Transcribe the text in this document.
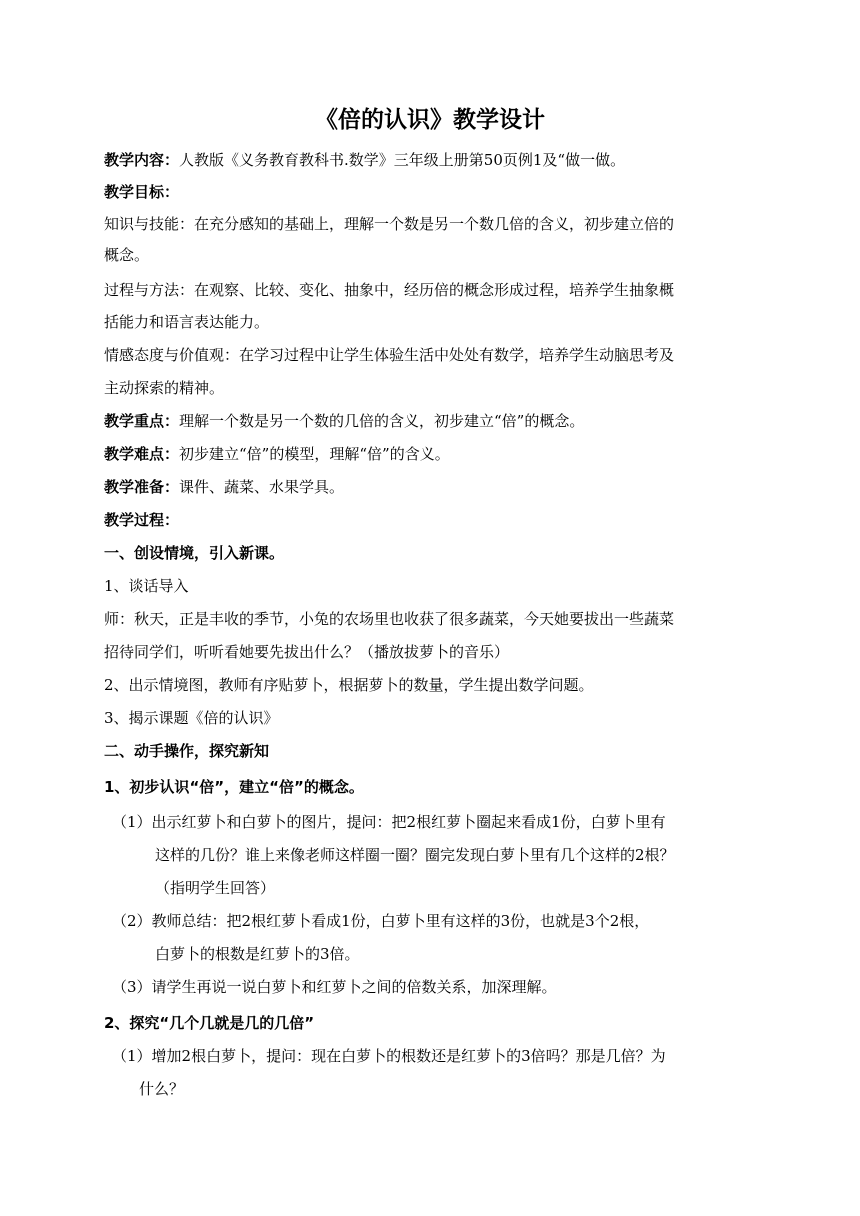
《倍的认识》教学设计
教学内容：人教版《义务教育教科书.数学》三年级上册第50页例1及“做一做。
教学目标：
知识与技能：在充分感知的基础上，理解一个数是另一个数几倍的含义，初步建立倍的
概念。
过程与方法：在观察、比较、变化、抽象中，经历倍的概念形成过程，培养学生抽象概
括能力和语言表达能力。
情感态度与价值观：在学习过程中让学生体验生活中处处有数学，培养学生动脑思考及
主动探索的精神。
教学重点：理解一个数是另一个数的几倍的含义，初步建立“倍”的概念。
教学难点：初步建立“倍”的模型，理解“倍”的含义。
教学准备：课件、蔬菜、水果学具。
教学过程：
一、创设情境，引入新课。
1、谈话导入
师：秋天，正是丰收的季节，小兔的农场里也收获了很多蔬菜，今天她要拔出一些蔬菜
招待同学们，听听看她要先拔出什么？（播放拔萝卜的音乐）
2、出示情境图，教师有序贴萝卜，根据萝卜的数量，学生提出数学问题。
3、揭示课题《倍的认识》
二、动手操作，探究新知
1、初步认识“倍”，建立“倍”的概念。
（1）出示红萝卜和白萝卜的图片，提问：把2根红萝卜圈起来看成1份，白萝卜里有
这样的几份？谁上来像老师这样圈一圈？圈完发现白萝卜里有几个这样的2根？
（指明学生回答）
（2）教师总结：把2根红萝卜看成1份，白萝卜里有这样的3份，也就是3个2根，
白萝卜的根数是红萝卜的3倍。
（3）请学生再说一说白萝卜和红萝卜之间的倍数关系，加深理解。
2、探究“几个几就是几的几倍”
（1）增加2根白萝卜，提问：现在白萝卜的根数还是红萝卜的3倍吗？那是几倍？为
什么？
